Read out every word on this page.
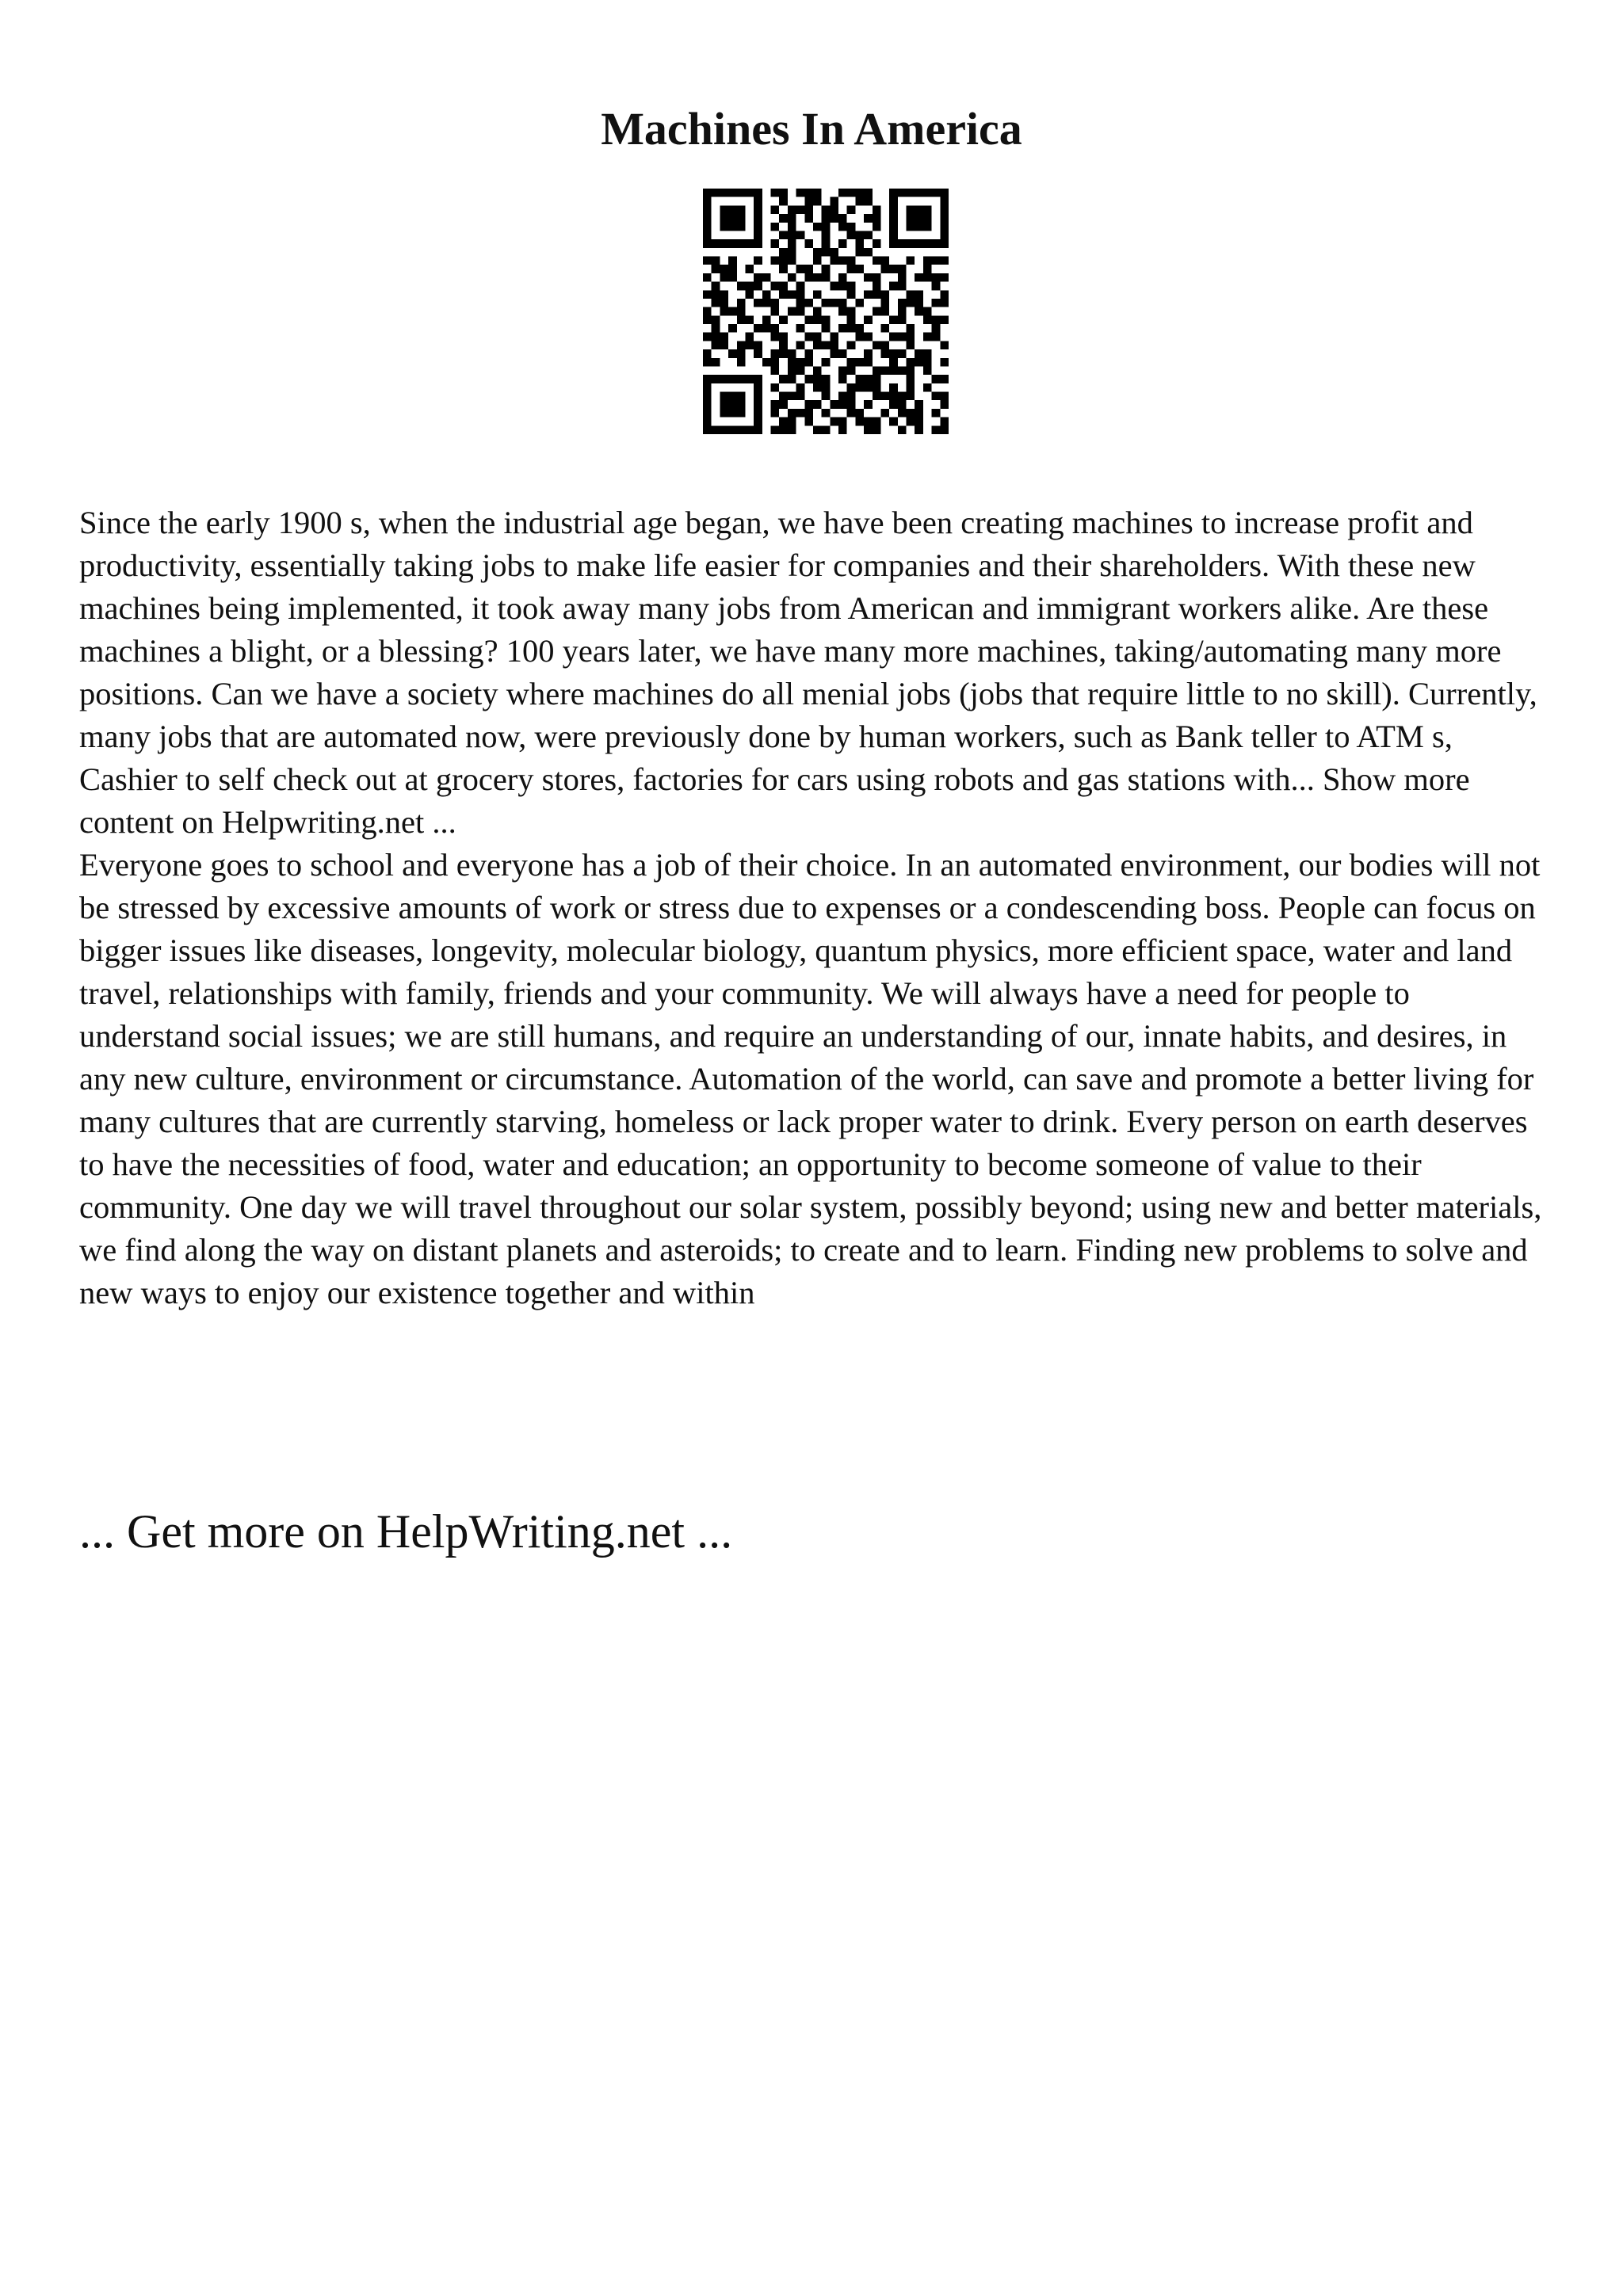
Machines In America

Since the early 1900 s, when the industrial age began, we have been creating machines to increase profit and productivity, essentially taking jobs to make life easier for companies and their shareholders. With these new machines being implemented, it took away many jobs from American and immigrant workers alike. Are these machines a blight, or a blessing? 100 years later, we have many more machines, taking/automating many more positions. Can we have a society where machines do all menial jobs (jobs that require little to no skill). Currently, many jobs that are automated now, were previously done by human workers, such as Bank teller to ATM s, Cashier to self check out at grocery stores, factories for cars using robots and gas stations with... Show more content on Helpwriting.net ...

Everyone goes to school and everyone has a job of their choice. In an automated environment, our bodies will not be stressed by excessive amounts of work or stress due to expenses or a condescending boss. People can focus on bigger issues like diseases, longevity, molecular biology, quantum physics, more efficient space, water and land travel, relationships with family, friends and your community. We will always have a need for people to understand social issues; we are still humans, and require an understanding of our, innate habits, and desires, in any new culture, environment or circumstance. Automation of the world, can save and promote a better living for many cultures that are currently starving, homeless or lack proper water to drink. Every person on earth deserves to have the necessities of food, water and education; an opportunity to become someone of value to their community. One day we will travel throughout our solar system, possibly beyond; using new and better materials, we find along the way on distant planets and asteroids; to create and to learn. Finding new problems to solve and new ways to enjoy our existence together and within

... Get more on HelpWriting.net ...
